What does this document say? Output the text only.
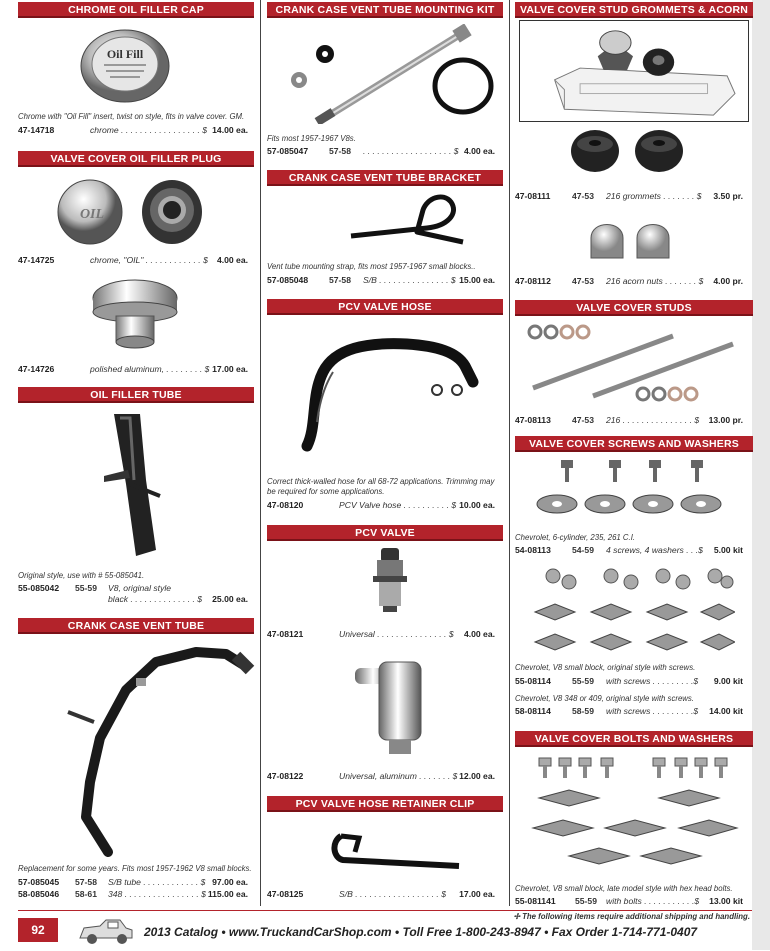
CHROME OIL FILLER CAP
Oil Fill
Chrome with "Oil Fill" insert, twist on style, fits in valve cover. GM.
47-14718	chrome . . . . . . . . . . . . . . . . . $ 14.00 ea.
VALVE COVER OIL FILLER PLUG
OIL
47-14725	chrome, "OIL" . . . . . . . . . . . . $ 4.00 ea.
47-14726	polished aluminum, . . . . . . . . $ 17.00 ea.
OIL FILLER TUBE
Original style, use with # 55-085041.
55-085042 55-59 V8, original style
black . . . . . . . . . . . . . . $ 25.00 ea.
CRANK CASE VENT TUBE
Replacement for some years. Fits most 1957-1962 V8 small blocks.
57-085045 57-58 S/B tube . . . . . . . . . . . . $ 97.00 ea.
58-085046 58-61 348 . . . . . . . . . . . . . . . . $ 115.00 ea.
CRANK CASE VENT TUBE MOUNTING KIT
Fits most 1957-1967 V8s.
57-085047 57-58 . . . . . . . . . . . . . . . . . . . $ 4.00 ea.
CRANK CASE VENT TUBE BRACKET
Vent tube mounting strap, fits most 1957-1967 small blocks..
57-085048 57-58 S/B . . . . . . . . . . . . . . . $ 15.00 ea.
PCV VALVE HOSE
Correct thick-walled hose for all 68-72 applications. Trimming may be required for some applications.
47-08120	PCV Valve hose . . . . . . . . . . $ 10.00 ea.
PCV VALVE
47-08121	Universal . . . . . . . . . . . . . . . $ 4.00 ea.
47-08122	Universal, aluminum . . . . . . . $ 12.00 ea.
PCV VALVE HOSE RETAINER CLIP
47-08125	S/B . . . . . . . . . . . . . . . . . . $ 17.00 ea.
VALVE COVER STUD GROMMETS & ACORN NUTS
47-08111	47-53 216 grommets . . . . . . . $ 3.50 pr.
47-08112 47-53 216 acorn nuts . . . . . . . $ 4.00 pr.
VALVE COVER STUDS
47-08113 47-53 216 . . . . . . . . . . . . . . . $ 13.00 pr.
VALVE COVER SCREWS AND WASHERS
Chevrolet, 6-cylinder, 235, 261 C.I.
54-08113 54-59 4 screws, 4 washers . . .$ 5.00 kit
Chevrolet, V8 small block, original style with screws.
55-08114 55-59 with screws . . . . . . . . .$ 9.00 kit
Chevrolet, V8 348 or 409, original style with screws.
58-08114 58-59 with screws . . . . . . . . .$ 14.00 kit
VALVE COVER BOLTS AND WASHERS
Chevrolet, V8 small block, late model style with hex head bolts.
55-081141 55-59 with bolts . . . . . . . . . . .$ 13.00 kit
✢ The following items require additional shipping and handling.
92	2013 Catalog • www.TruckandCarShop.com • Toll Free 1-800-243-8947 • Fax Order 1-714-771-0407
